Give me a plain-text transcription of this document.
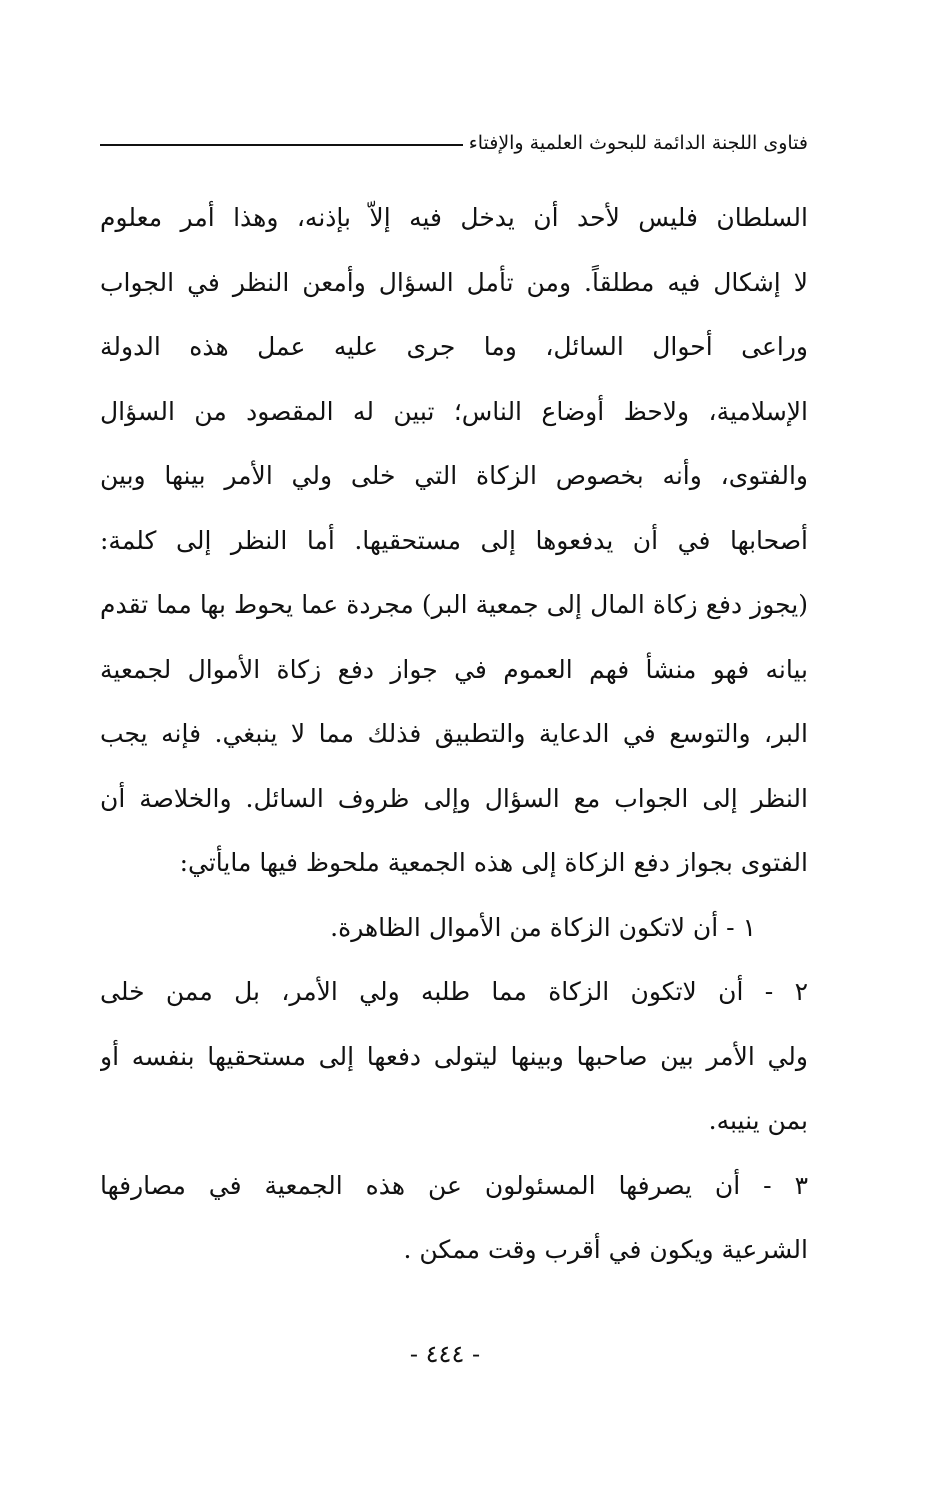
فتاوى اللجنة الدائمة للبحوث العلمية والإفتاء
السلطان فليس لأحد أن يدخل فيه إلاّ بإذنه، وهذا أمر معلوم
لا إشكال فيه مطلقاً. ومن تأمل السؤال وأمعن النظر في الجواب
وراعى أحوال السائل، وما جرى عليه عمل هذه الدولة
الإسلامية، ولاحظ أوضاع الناس؛ تبين له المقصود من السؤال
والفتوى، وأنه بخصوص الزكاة التي خلى ولي الأمر بينها وبين
أصحابها في أن يدفعوها إلى مستحقيها. أما النظر إلى كلمة:
(يجوز دفع زكاة المال إلى جمعية البر) مجردة عما يحوط بها مما تقدم
بيانه فهو منشأ فهم العموم في جواز دفع زكاة الأموال لجمعية
البر، والتوسع في الدعاية والتطبيق فذلك مما لا ينبغي. فإنه يجب
النظر إلى الجواب مع السؤال وإلى ظروف السائل. والخلاصة أن
الفتوى بجواز دفع الزكاة إلى هذه الجمعية ملحوظ فيها مايأتي:
١ - أن لاتكون الزكاة من الأموال الظاهرة.
٢ - أن لاتكون الزكاة مما طلبه ولي الأمر، بل ممن خلى
ولي الأمر بين صاحبها وبينها ليتولى دفعها إلى مستحقيها بنفسه أو
بمن ينيبه.
٣ - أن يصرفها المسئولون عن هذه الجمعية في مصارفها
الشرعية ويكون في أقرب وقت ممكن .
- ٤٤٤ -
